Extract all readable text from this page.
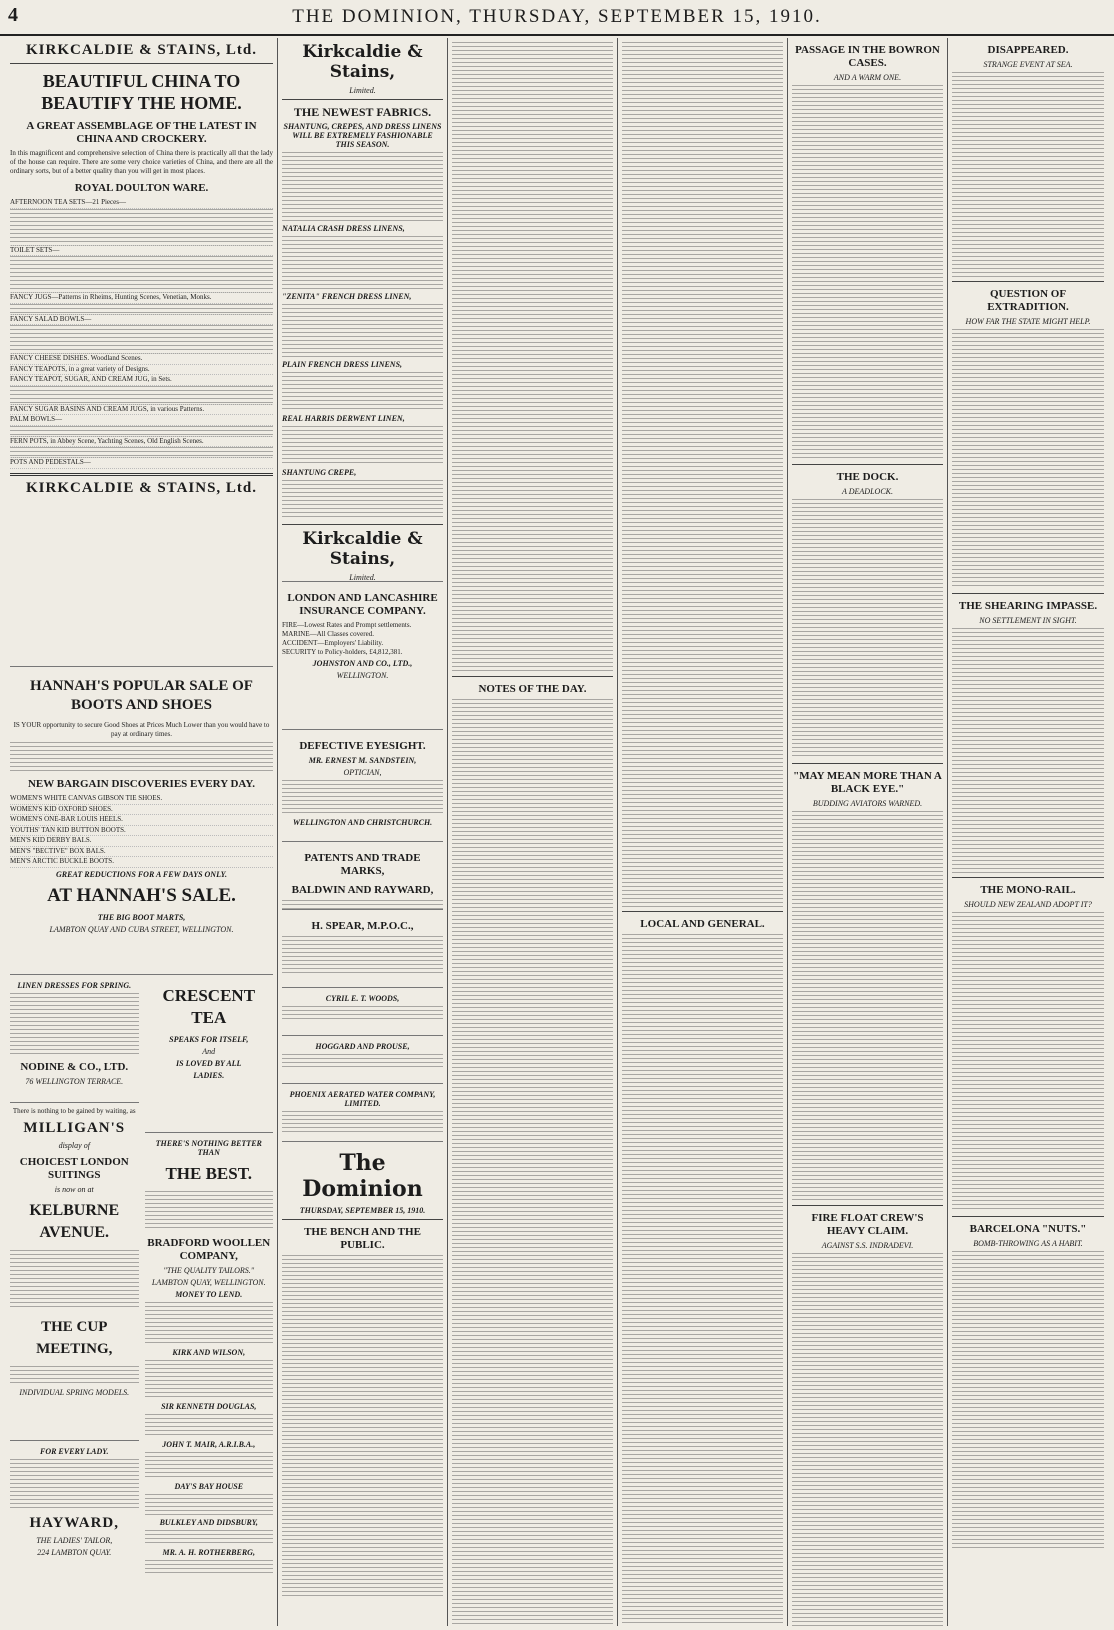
4	THE DOMINION, THURSDAY, SEPTEMBER 15, 1910.
KIRKCALDIE & STAINS, Ltd.
BEAUTIFUL CHINA TO BEAUTIFY THE HOME.
A GREAT ASSEMBLAGE OF THE LATEST IN CHINA AND CROCKERY.

In this magnificent and comprehensive selection of China there is practically all that the lady of the house can require. There are some very choice varieties of China, and there are all the ordinary sorts, but of a better quality than you will get in most places.

ROYAL DOULTON WARE.
AFTERNOON TEA SETS—21 Pieces—
TOILET SETS—
FANCY JUGS—Patterns in Rheims, Hunting Scenes, Venetian, Monks.
FANCY SALAD BOWLS—
FANCY CHEESE DISHES. Woodland Scenes.
FANCY TEAPOTS, in a great variety of Designs.
FANCY TEAPOT, SUGAR, AND CREAM JUG, in Sets.
FANCY SUGAR BASINS AND CREAM JUGS, in various Patterns.
PALM BOWLS—
FERN POTS, in Abbey Scene, Yachting Scenes, Old English Scenes.
POTS AND PEDESTALS—
KIRKCALDIE & STAINS, Ltd.
HANNAH'S POPULAR SALE OF BOOTS AND SHOES

IS YOUR opportunity to secure Good Shoes at Prices Much Lower than you would have to pay at ordinary times.

NEW BARGAIN DISCOVERIES EVERY DAY.
WOMEN'S WHITE CANVAS GIBSON TIE SHOES.
WOMEN'S KID OXFORD SHOES.
WOMEN'S ONE-BAR LOUIS HEELS.
YOUTHS' TAN KID BUTTON BOOTS.
MEN'S KID DERBY BALS.
MEN'S "BECTIVE" BOX BALS.
MEN'S ARCTIC BUCKLE BOOTS.
GREAT REDUCTIONS FOR A FEW DAYS ONLY.
AT HANNAH'S SALE.
THE BIG BOOT MARTS,
LAMBTON QUAY AND CUBA STREET, WELLINGTON.
LINEN DRESSES FOR SPRING.
NODINE & CO., LTD.
76 WELLINGTON TERRACE.

There is nothing to be gained by waiting, as

MILLIGAN'S
display of
CHOICEST LONDON SUITINGS
is now on at
KELBURNE AVENUE.
THE CUP MEETING,
INDIVIDUAL SPRING MODELS.
FOR EVERY LADY.
HAYWARD,
THE LADIES' TAILOR,
224 LAMBTON QUAY.
CRESCENT TEA
SPEAKS FOR ITSELF,
And
IS LOVED BY ALL
LADIES.
THERE'S NOTHING BETTER THAN
THE BEST.
BRADFORD WOOLLEN COMPANY,
"THE QUALITY TAILORS."
LAMBTON QUAY, WELLINGTON.
MONEY TO LEND.
KIRK AND WILSON,
SIR KENNETH DOUGLAS,
JOHN T. MAIR, A.R.I.B.A.,
DAY'S BAY HOUSE
BULKLEY AND DIDSBURY,
MR. A. H. ROTHERBERG,
Kirkcaldie & Stains,
Limited.
THE NEWEST FABRICS.
SHANTUNG, CREPES, AND DRESS LINENS WILL BE EXTREMELY FASHIONABLE THIS SEASON.
NATALIA CRASH DRESS LINENS,
"ZENITA" FRENCH DRESS LINEN,
PLAIN FRENCH DRESS LINENS,
REAL HARRIS DERWENT LINEN,
SHANTUNG CREPE,
Kirkcaldie & Stains,
Limited.
LONDON AND LANCASHIRE INSURANCE COMPANY.

FIRE—Lowest Rates and Prompt settlements.

MARINE—All Classes covered.

ACCIDENT—Employers' Liability.

SECURITY to Policy-holders, £4,812,381.

JOHNSTON AND CO., LTD.,
WELLINGTON.
DEFECTIVE EYESIGHT.
MR. ERNEST M. SANDSTEIN,
OPTICIAN,
WELLINGTON AND CHRISTCHURCH.
PATENTS AND TRADE MARKS,
BALDWIN AND RAYWARD,
H. SPEAR, M.P.O.C.,
CYRIL E. T. WOODS,
HOGGARD AND PROUSE,
PHOENIX AERATED WATER COMPANY, LIMITED.
The Dominion
THURSDAY, SEPTEMBER 15, 1910.
THE BENCH AND THE PUBLIC.
NOTES OF THE DAY.
LOCAL AND GENERAL.
PASSAGE IN THE BOWRON CASES.
AND A WARM ONE.
THE DOCK.
A DEADLOCK.
"MAY MEAN MORE THAN A BLACK EYE."
BUDDING AVIATORS WARNED.
FIRE FLOAT CREW'S HEAVY CLAIM.
AGAINST S.S. INDRADEVI.
DISAPPEARED.
STRANGE EVENT AT SEA.
QUESTION OF EXTRADITION.
HOW FAR THE STATE MIGHT HELP.
THE SHEARING IMPASSE.
NO SETTLEMENT IN SIGHT.
THE MONO-RAIL.
SHOULD NEW ZEALAND ADOPT IT?
BARCELONA "NUTS."
BOMB-THROWING AS A HABIT.
